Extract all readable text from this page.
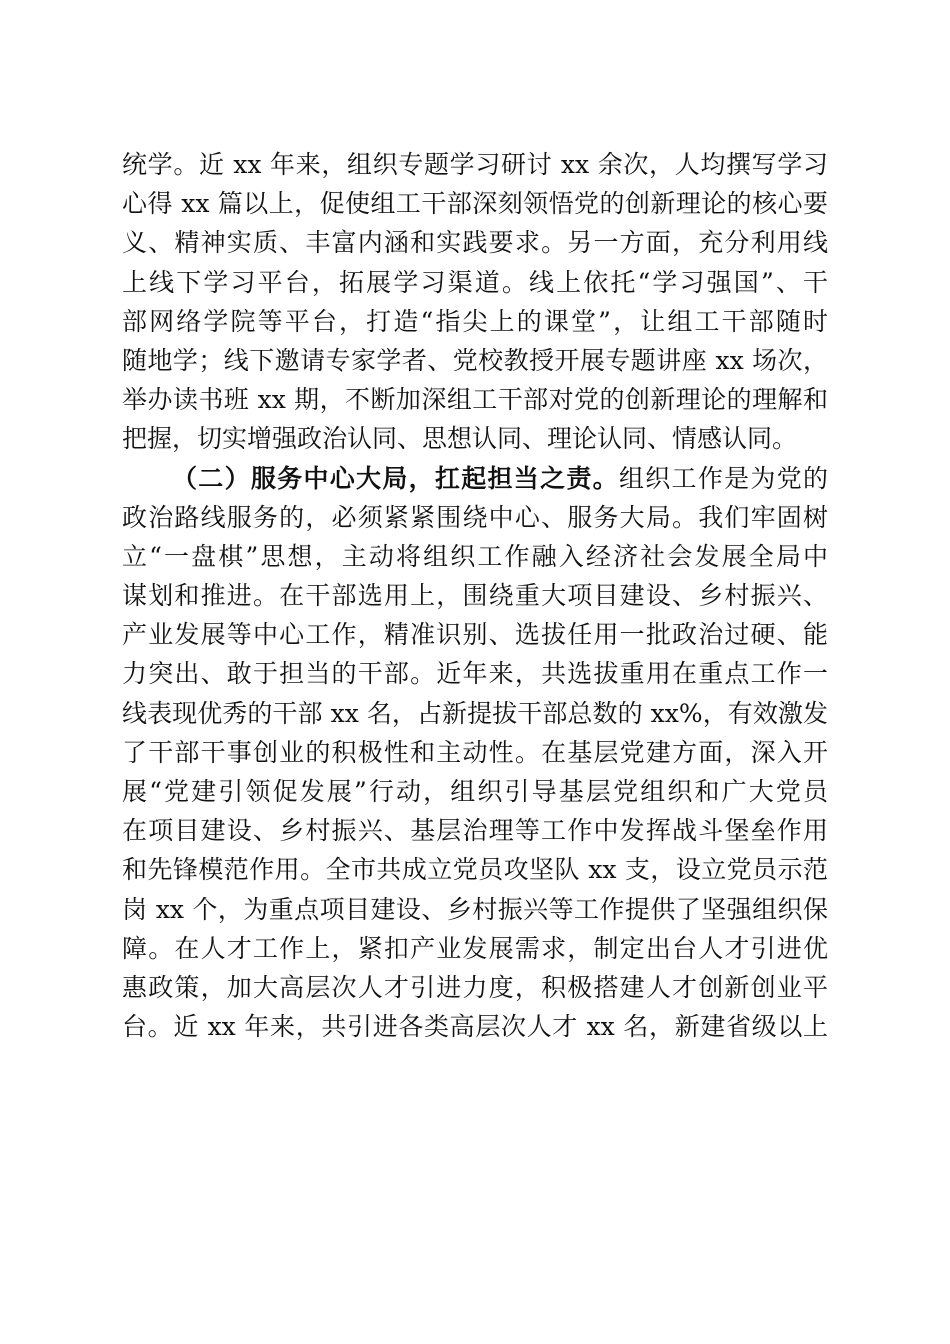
统学。近 xx 年来，组织专题学习研讨 xx 余次，人均撰写学习
心得 xx 篇以上，促使组工干部深刻领悟党的创新理论的核心要
义、精神实质、丰富内涵和实践要求。另一方面，充分利用线
上线下学习平台，拓展学习渠道。线上依托“学习强国”、干
部网络学院等平台，打造“指尖上的课堂”，让组工干部随时
随地学；线下邀请专家学者、党校教授开展专题讲座 xx 场次，
举办读书班 xx 期，不断加深组工干部对党的创新理论的理解和
把握，切实增强政治认同、思想认同、理论认同、情感认同。
（二）服务中心大局，扛起担当之责。组织工作是为党的
政治路线服务的，必须紧紧围绕中心、服务大局。我们牢固树
立“一盘棋”思想，主动将组织工作融入经济社会发展全局中
谋划和推进。在干部选用上，围绕重大项目建设、乡村振兴、
产业发展等中心工作，精准识别、选拔任用一批政治过硬、能
力突出、敢于担当的干部。近年来，共选拔重用在重点工作一
线表现优秀的干部 xx 名，占新提拔干部总数的 xx%，有效激发
了干部干事创业的积极性和主动性。在基层党建方面，深入开
展“党建引领促发展”行动，组织引导基层党组织和广大党员
在项目建设、乡村振兴、基层治理等工作中发挥战斗堡垒作用
和先锋模范作用。全市共成立党员攻坚队 xx 支，设立党员示范
岗 xx 个，为重点项目建设、乡村振兴等工作提供了坚强组织保
障。在人才工作上，紧扣产业发展需求，制定出台人才引进优
惠政策，加大高层次人才引进力度，积极搭建人才创新创业平
台。近 xx 年来，共引进各类高层次人才 xx 名，新建省级以上
